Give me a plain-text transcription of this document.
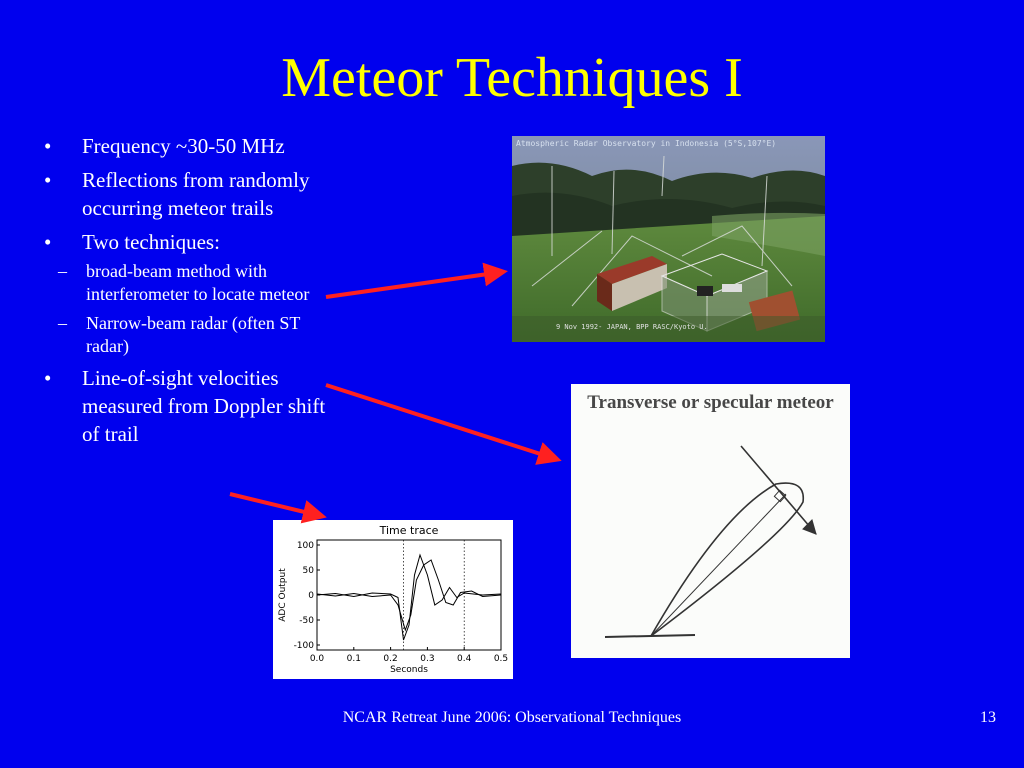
Meteor Techniques I
• Frequency ~30-50 MHz
• Reflections from randomly occurring meteor trails
• Two techniques:
– broad-beam method with interferometer to locate meteor
– Narrow-beam radar (often ST radar)
• Line-of-sight velocities measured from Doppler shift of trail
Atmospheric Radar Observatory in Indonesia (5°S,107°E)
9 Nov 1992- JAPAN, BPP RASC/Kyoto U.
Transverse or specular meteor
Time trace
0.0 0.1 0.2 0.3 0.4 0.5
100
50
0
-50
-100
Seconds
ADC Output
NCAR Retreat June 2006: Observational Techniques	13
